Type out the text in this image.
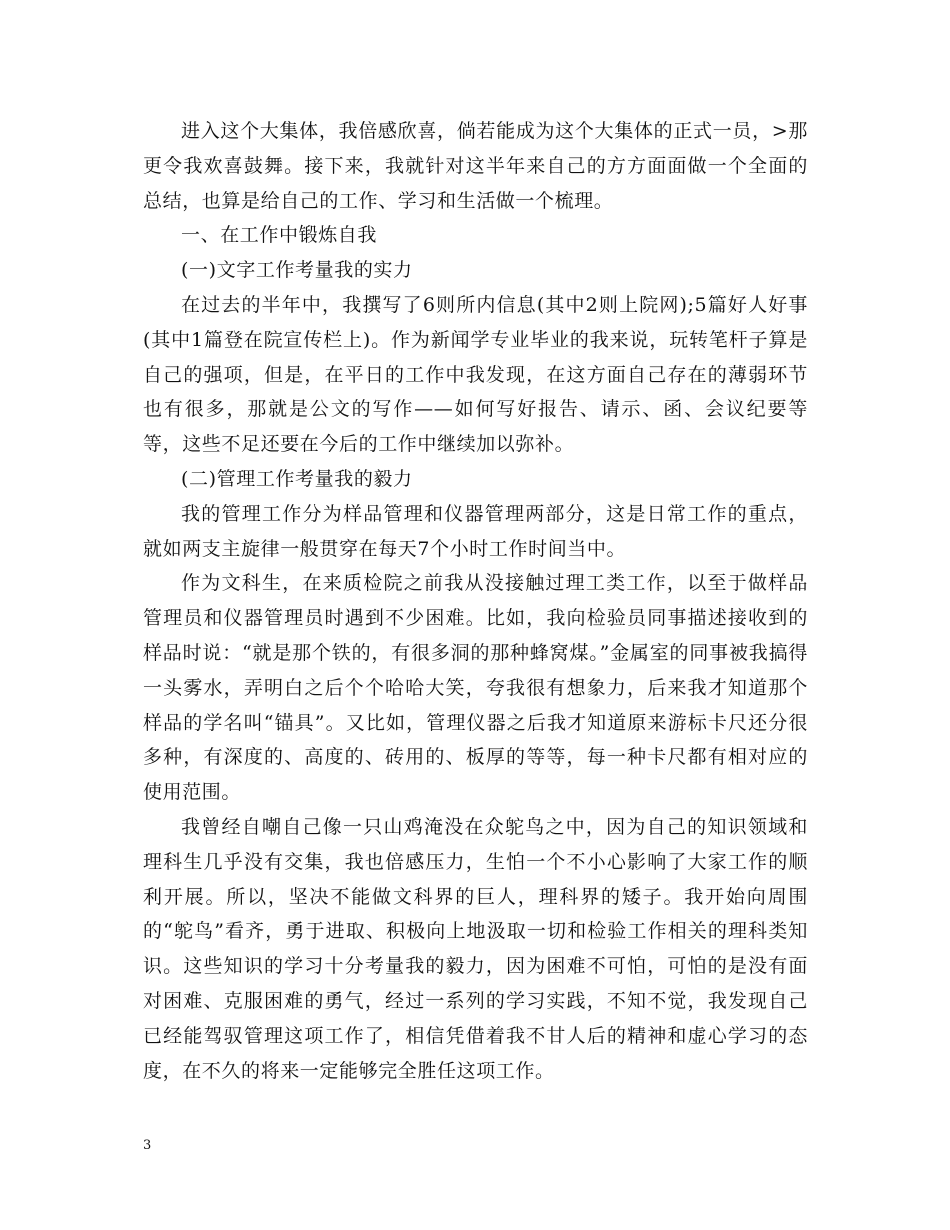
进入这个大集体，我倍感欣喜，倘若能成为这个大集体的正式一员，>那更令我欢喜鼓舞。接下来，我就针对这半年来自己的方方面面做一个全面的总结，也算是给自己的工作、学习和生活做一个梳理。

一、在工作中锻炼自我

(一)文字工作考量我的实力

在过去的半年中，我撰写了6则所内信息(其中2则上院网);5篇好人好事(其中1篇登在院宣传栏上)。作为新闻学专业毕业的我来说，玩转笔杆子算是自己的强项，但是，在平日的工作中我发现，在这方面自己存在的薄弱环节也有很多，那就是公文的写作——如何写好报告、请示、函、会议纪要等等，这些不足还要在今后的工作中继续加以弥补。

(二)管理工作考量我的毅力

我的管理工作分为样品管理和仪器管理两部分，这是日常工作的重点，就如两支主旋律一般贯穿在每天7个小时工作时间当中。

作为文科生，在来质检院之前我从没接触过理工类工作，以至于做样品管理员和仪器管理员时遇到不少困难。比如，我向检验员同事描述接收到的样品时说：“就是那个铁的，有很多洞的那种蜂窝煤。”金属室的同事被我搞得一头雾水，弄明白之后个个哈哈大笑，夸我很有想象力，后来我才知道那个样品的学名叫“锚具”。又比如，管理仪器之后我才知道原来游标卡尺还分很多种，有深度的、高度的、砖用的、板厚的等等，每一种卡尺都有相对应的使用范围。

我曾经自嘲自己像一只山鸡淹没在众鸵鸟之中，因为自己的知识领域和理科生几乎没有交集，我也倍感压力，生怕一个不小心影响了大家工作的顺利开展。所以，坚决不能做文科界的巨人，理科界的矮子。我开始向周围的“鸵鸟”看齐，勇于进取、积极向上地汲取一切和检验工作相关的理科类知识。这些知识的学习十分考量我的毅力，因为困难不可怕，可怕的是没有面对困难、克服困难的勇气，经过一系列的学习实践，不知不觉，我发现自己已经能驾驭管理这项工作了，相信凭借着我不甘人后的精神和虚心学习的态度，在不久的将来一定能够完全胜任这项工作。

3
